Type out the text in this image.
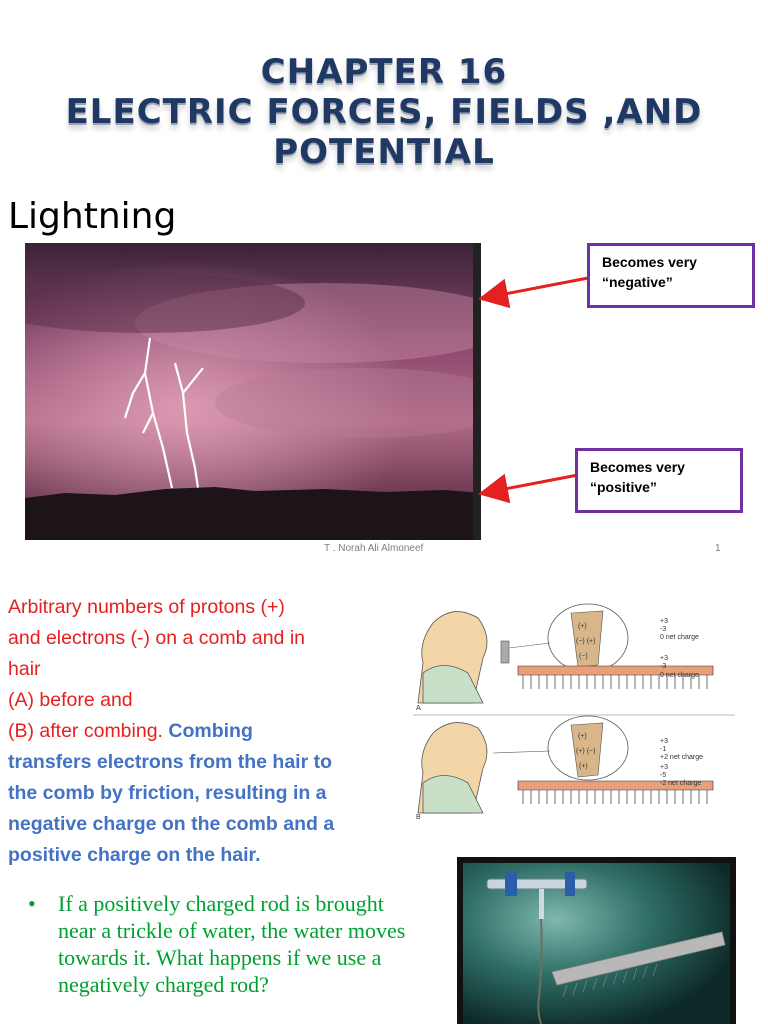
CHAPTER 16
ELECTRIC FORCES, FIELDS ,AND
POTENTIAL
Lightning
Becomes very
“negative”
Becomes very
“positive”
T . Norah Ali Almoneef	1
Arbitrary numbers of protons (+)
and electrons (-) on a comb and in
hair
(A) before and
(B) after combing. Combing
transfers electrons from the hair to
the comb by friction, resulting in a
negative charge on the comb and a
positive charge on the hair.
(+)
(−) (+)
(−)
+3
-3
0 net charge
+3
-3
0 net charge
A
(+)
(+) (−)
(+)
+3
-1
+2 net charge
+3
-5
-2 net charge
B
• If a positively charged rod is brought near a trickle of water, the water moves towards it. What happens if we use a negatively charged rod?
